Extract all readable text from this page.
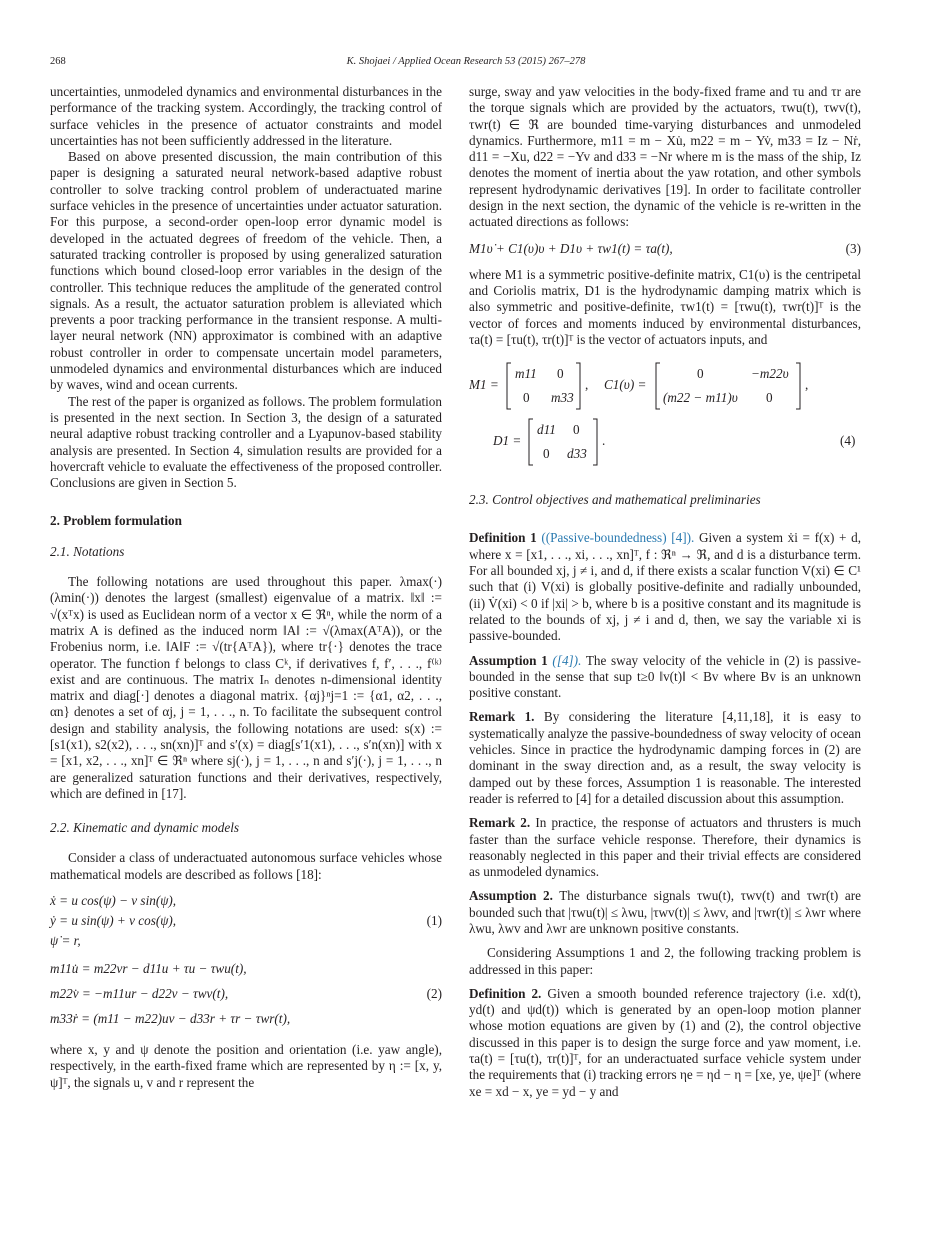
268	K. Shojaei / Applied Ocean Research 53 (2015) 267–278

uncertainties, unmodeled dynamics and environmental disturbances in the performance of the tracking system. Accordingly, the tracking control of surface vehicles in the presence of actuator constraints and model uncertainties has not been sufficiently addressed in the literature.

Based on above presented discussion, the main contribution of this paper is designing a saturated neural network-based adaptive robust controller to solve tracking control problem of underactuated marine surface vehicles in the presence of uncertainties under actuator saturation. For this purpose, a second-order open-loop error dynamic model is developed in the actuated degrees of freedom of the vehicle. Then, a saturated tracking controller is proposed by using generalized saturation functions which bound closed-loop error variables in the design of the controller. This technique reduces the amplitude of the generated control signals. As a result, the actuator saturation problem is alleviated which prevents a poor tracking performance in the transient response. A multi-layer neural network (NN) approximator is combined with an adaptive robust controller in order to compensate uncertain model parameters, unmodeled dynamics and environmental disturbances which are induced by waves, wind and ocean currents.

The rest of the paper is organized as follows. The problem formulation is presented in the next section. In Section 3, the design of a saturated neural adaptive robust tracking controller and a Lyapunov-based stability analysis are presented. In Section 4, simulation results are provided for a hovercraft vehicle to evaluate the effectiveness of the proposed controller. Conclusions are given in Section 5.

2. Problem formulation

2.1. Notations

The following notations are used throughout this paper. λmax(·) (λmin(·)) denotes the largest (smallest) eigenvalue of a matrix. ‖x‖ := √(xᵀx) is used as Euclidean norm of a vector x ∈ ℜⁿ, while the norm of a matrix A is defined as the induced norm ‖A‖ := √(λmax(AᵀA)), or the Frobenius norm, i.e. ‖A‖F := √(tr{AᵀA}), where tr{·} denotes the trace operator. The function f belongs to class Cᵏ, if derivatives f, f′, . . ., f⁽ᵏ⁾ exist and are continuous. The matrix Iₙ denotes n-dimensional identity matrix and diag[·] denotes a diagonal matrix. {αj}ⁿj=1 := {α1, α2, . . ., αn} denotes a set of αj, j = 1, . . ., n. To facilitate the subsequent control design and stability analysis, the following notations are used: s(x) := [s1(x1), s2(x2), . . ., sn(xn)]ᵀ and s′(x) = diag[s′1(x1), . . ., s′n(xn)] with x = [x1, x2, . . ., xn]ᵀ ∈ ℜⁿ where sj(·), j = 1, . . ., n and s′j(·), j = 1, . . ., n are generalized saturation functions and their derivatives, respectively, which are defined in [17].

2.2. Kinematic and dynamic models

Consider a class of underactuated autonomous surface vehicles whose mathematical models are described as follows [18]:

ẋ = u cos(ψ) − v sin(ψ),
ẏ = u sin(ψ) + v cos(ψ),	(1)
ψ̇ = r,
m11u̇ = m22vr − d11u + τu − τwu(t),
m22v̇ = −m11ur − d22v − τwv(t),	(2)
m33ṙ = (m11 − m22)uv − d33r + τr − τwr(t),

where x, y and ψ denote the position and orientation (i.e. yaw angle), respectively, in the earth-fixed frame which are represented by η := [x, y, ψ]ᵀ, the signals u, v and r represent the

surge, sway and yaw velocities in the body-fixed frame and τu and τr are the torque signals which are provided by the actuators, τwu(t), τwv(t), τwr(t) ∈ ℜ are bounded time-varying disturbances and unmodeled dynamics. Furthermore, m11 = m − Xu̇, m22 = m − Yv̇, m33 = Iz − Nṙ, d11 = −Xu, d22 = −Yv and d33 = −Nr where m is the mass of the ship, Iz denotes the moment of inertia about the yaw rotation, and other symbols represent hydrodynamic derivatives [19]. In order to facilitate controller design in the next section, the dynamic of the vehicle is re-written in the actuated directions as follows:

M1υ̇ + C1(υ)υ + D1υ + τw1(t) = τa(t),	(3)

where M1 is a symmetric positive-definite matrix, C1(υ) is the centripetal and Coriolis matrix, D1 is the hydrodynamic damping matrix which is also symmetric and positive-definite, τw1(t) = [τwu(t), τwr(t)]ᵀ is the vector of forces and moments induced by environmental disturbances, τa(t) = [τu(t), τr(t)]ᵀ is the vector of actuators inputs, and

M1 =
m11 0
0 m33
, C1(υ) =
0	−m22υ
(m22 − m11)υ 0
,
D1 =
d11 0
0 d33
.	(4)

2.3. Control objectives and mathematical preliminaries

Definition 1 ((Passive-boundedness) [4]). Given a system ẋi = f(x) + d, where x = [x1, . . ., xi, . . ., xn]ᵀ, f : ℜⁿ → ℜ, and d is a disturbance term. For all bounded xj, j ≠ i, and d, if there exists a scalar function V(xi) ∈ C¹ such that (i) V(xi) is globally positive-definite and radially unbounded, (ii) V̇(xi) < 0 if |xi| > b, where b is a positive constant and its magnitude is related to the bounds of xj, j ≠ i and d, then, we say the variable xi is passive-bounded.

Assumption 1 ([4]). The sway velocity of the vehicle in (2) is passive-bounded in the sense that sup t≥0 ‖v(t)‖ < Bv where Bv is an unknown positive constant.

Remark 1. By considering the literature [4,11,18], it is easy to systematically analyze the passive-boundedness of sway velocity of ocean vehicles. Since in practice the hydrodynamic damping forces in (2) are dominant in the sway direction and, as a result, the sway velocity is damped out by these forces, Assumption 1 is reasonable. The interested reader is referred to [4] for a detailed discussion about this assumption.

Remark 2. In practice, the response of actuators and thrusters is much faster than the surface vehicle response. Therefore, their dynamics is reasonably neglected in this paper and their trivial effects are considered as unmodeled dynamics.

Assumption 2. The disturbance signals τwu(t), τwv(t) and τwr(t) are bounded such that |τwu(t)| ≤ λwu, |τwv(t)| ≤ λwv, and |τwr(t)| ≤ λwr where λwu, λwv and λwr are unknown positive constants.

Considering Assumptions 1 and 2, the following tracking problem is addressed in this paper:

Definition 2. Given a smooth bounded reference trajectory (i.e. xd(t), yd(t) and ψd(t)) which is generated by an open-loop motion planner whose motion equations are given by (1) and (2), the control objective discussed in this paper is to design the surge force and yaw moment, i.e. τa(t) = [τu(t), τr(t)]ᵀ, for an underactuated surface vehicle system under the requirements that (i) tracking errors ηe = ηd − η = [xe, ye, ψe]ᵀ (where xe = xd − x, ye = yd − y and
